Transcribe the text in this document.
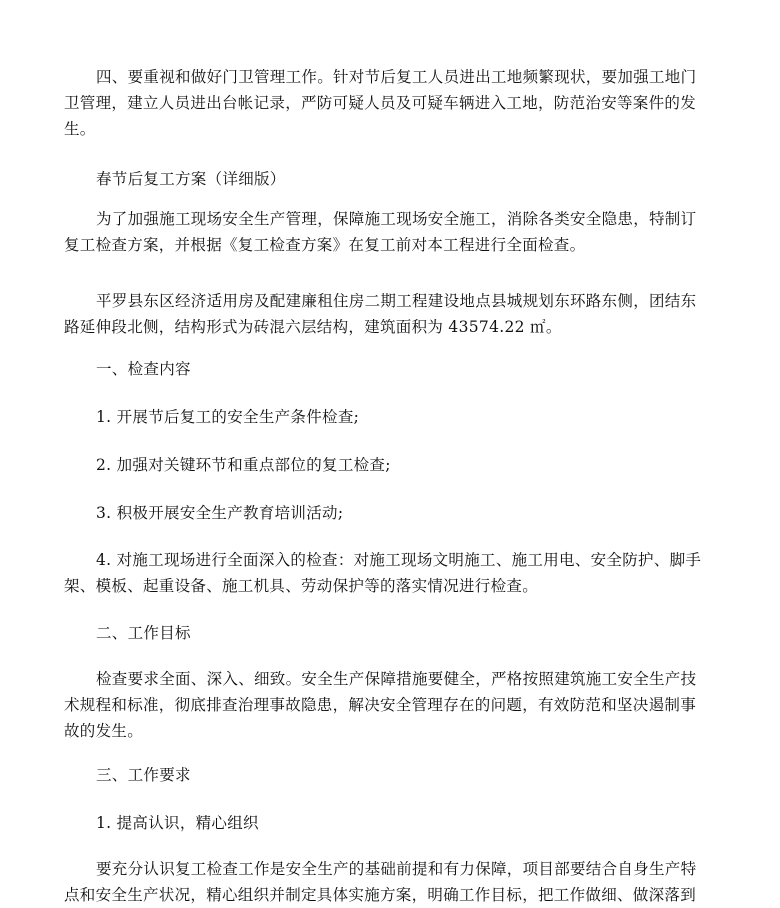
四、要重视和做好门卫管理工作。针对节后复工人员进出工地频繁现状，要加强工地门卫管理，建立人员进出台帐记录，严防可疑人员及可疑车辆进入工地，防范治安等案件的发生。

春节后复工方案（详细版）

为了加强施工现场安全生产管理，保障施工现场安全施工，消除各类安全隐患，特制订复工检查方案，并根据《复工检查方案》在复工前对本工程进行全面检查。

平罗县东区经济适用房及配建廉租住房二期工程建设地点县城规划东环路东侧，团结东路延伸段北侧，结构形式为砖混六层结构，建筑面积为 43574.22 ㎡。

一、检查内容

1. 开展节后复工的安全生产条件检查;

2. 加强对关键环节和重点部位的复工检查;

3. 积极开展安全生产教育培训活动;

4. 对施工现场进行全面深入的检查：对施工现场文明施工、施工用电、安全防护、脚手架、模板、起重设备、施工机具、劳动保护等的落实情况进行检查。

二、工作目标

检查要求全面、深入、细致。安全生产保障措施要健全，严格按照建筑施工安全生产技术规程和标准，彻底排查治理事故隐患，解决安全管理存在的问题，有效防范和坚决遏制事故的发生。

三、工作要求

1. 提高认识，精心组织

要充分认识复工检查工作是安全生产的基础前提和有力保障，项目部要结合自身生产特点和安全生产状况，精心组织并制定具体实施方案，明确工作目标，把工作做细、做深落到
